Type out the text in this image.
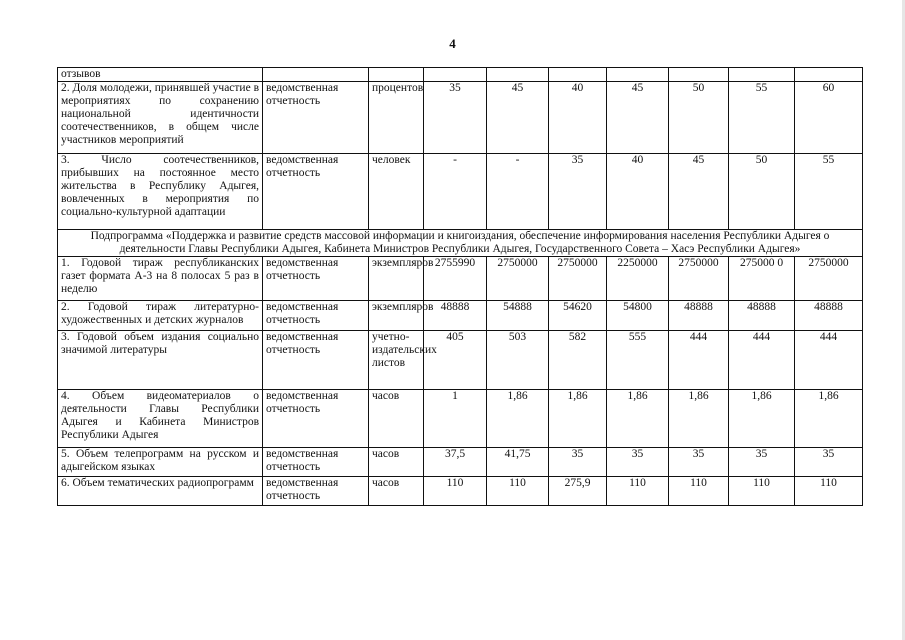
4
отзывов									
2. Доля молодежи, принявшей участие в мероприятиях по сохранению национальной идентичности соотечественников, в общем числе участников мероприятий	ведомственная отчетность	процентов	35	45	40	45	50	55	60
3. Число соотечественников, прибывших на постоянное место жительства в Республику Адыгея, вовлеченных в мероприятия по социально-культурной адаптации	ведомственная отчетность	человек	-	-	35	40	45	50	55
Подпрограмма «Поддержка и развитие средств массовой информации и книгоиздания, обеспечение информирования населения Республики Адыгея о деятельности Главы Республики Адыгея, Кабинета Министров Республики Адыгея, Государственного Совета – Хасэ Республики Адыгея»									
1. Годовой тираж республиканских газет формата А-3 на 8 полосах 5 раз в неделю	ведомственная отчетность	экземпляров	2755990	2750000	2750000	2250000	2750000	275000 0	2750000
2. Годовой тираж литературно-художественных и детских журналов	ведомственная отчетность	экземпляров	48888	54888	54620	54800	48888	48888	48888
3. Годовой объем издания социально значимой литературы	ведомственная отчетность	учетно-издательских листов	405	503	582	555	444	444	444
4. Объем видеоматериалов о деятельности Главы Республики Адыгея и Кабинета Министров Республики Адыгея	ведомственная отчетность	часов	1	1,86	1,86	1,86	1,86	1,86	1,86
5. Объем телепрограмм на русском и адыгейском языках	ведомственная отчетность	часов	37,5	41,75	35	35	35	35	35
6. Объем тематических радиопрограмм	ведомственная отчетность	часов	110	110	275,9	110	110	110	110
